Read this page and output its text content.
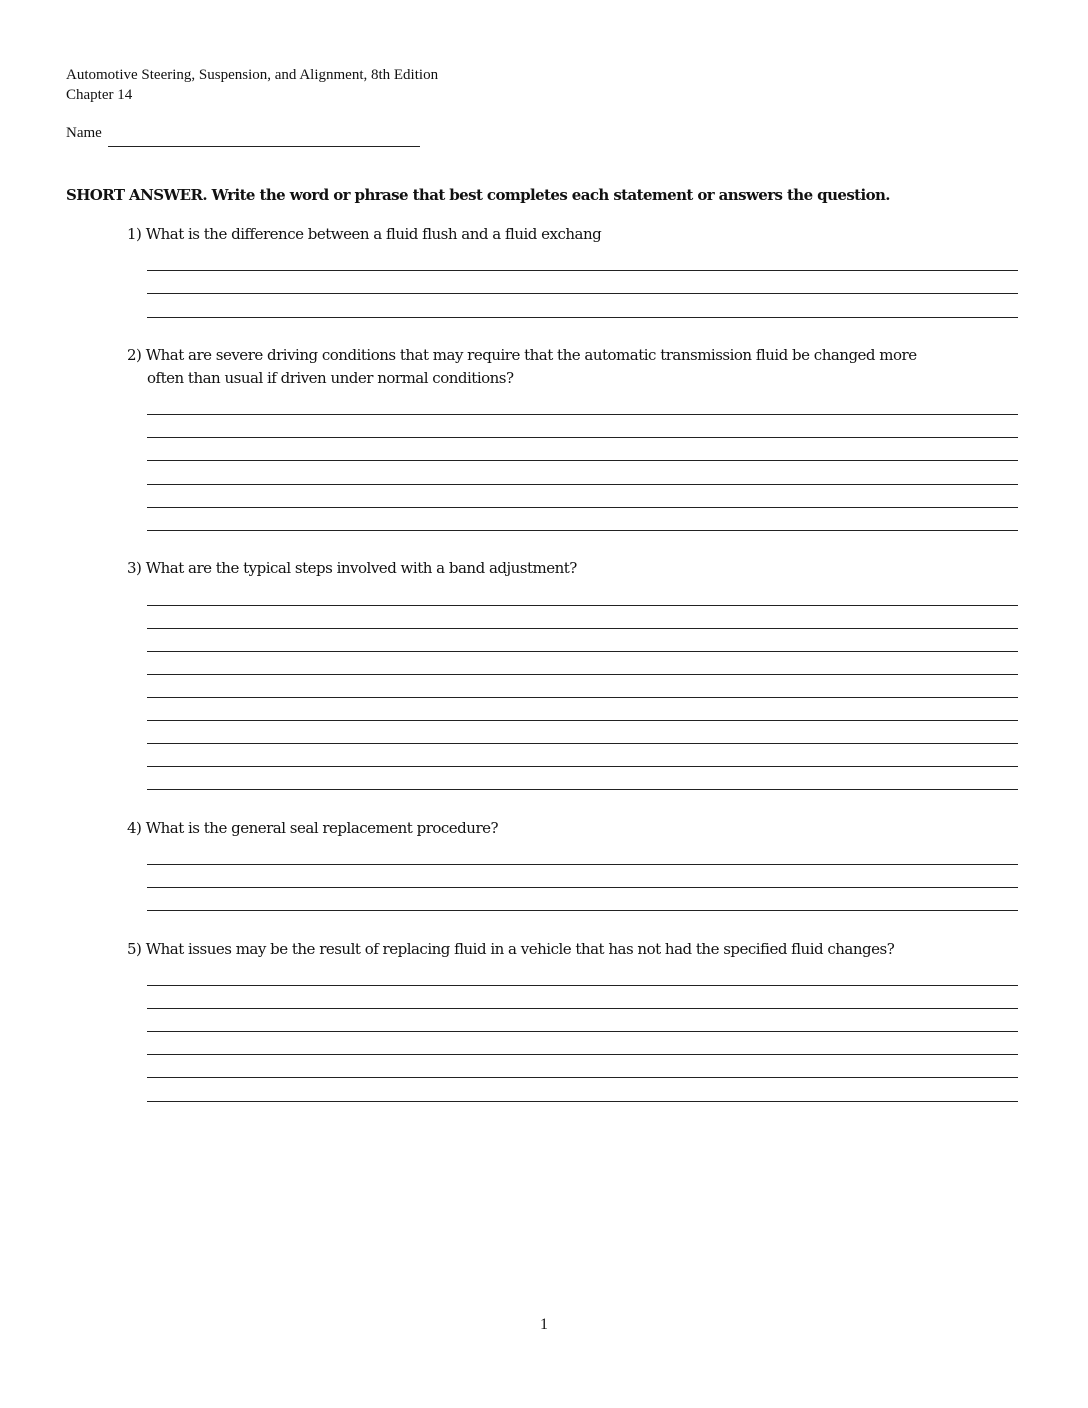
Automotive Steering, Suspension, and Alignment, 8th Edition
Chapter 14
Name
SHORT ANSWER. Write the word or phrase that best completes each statement or answers the question.
1) What is the difference between a fluid flush and a fluid exchang
2) What are severe driving conditions that may require that the automatic transmission fluid be changed more
often than usual if driven under normal conditions?
3) What are the typical steps involved with a band adjustment?
4) What is the general seal replacement procedure?
5) What issues may be the result of replacing fluid in a vehicle that has not had the specified fluid changes?
1
